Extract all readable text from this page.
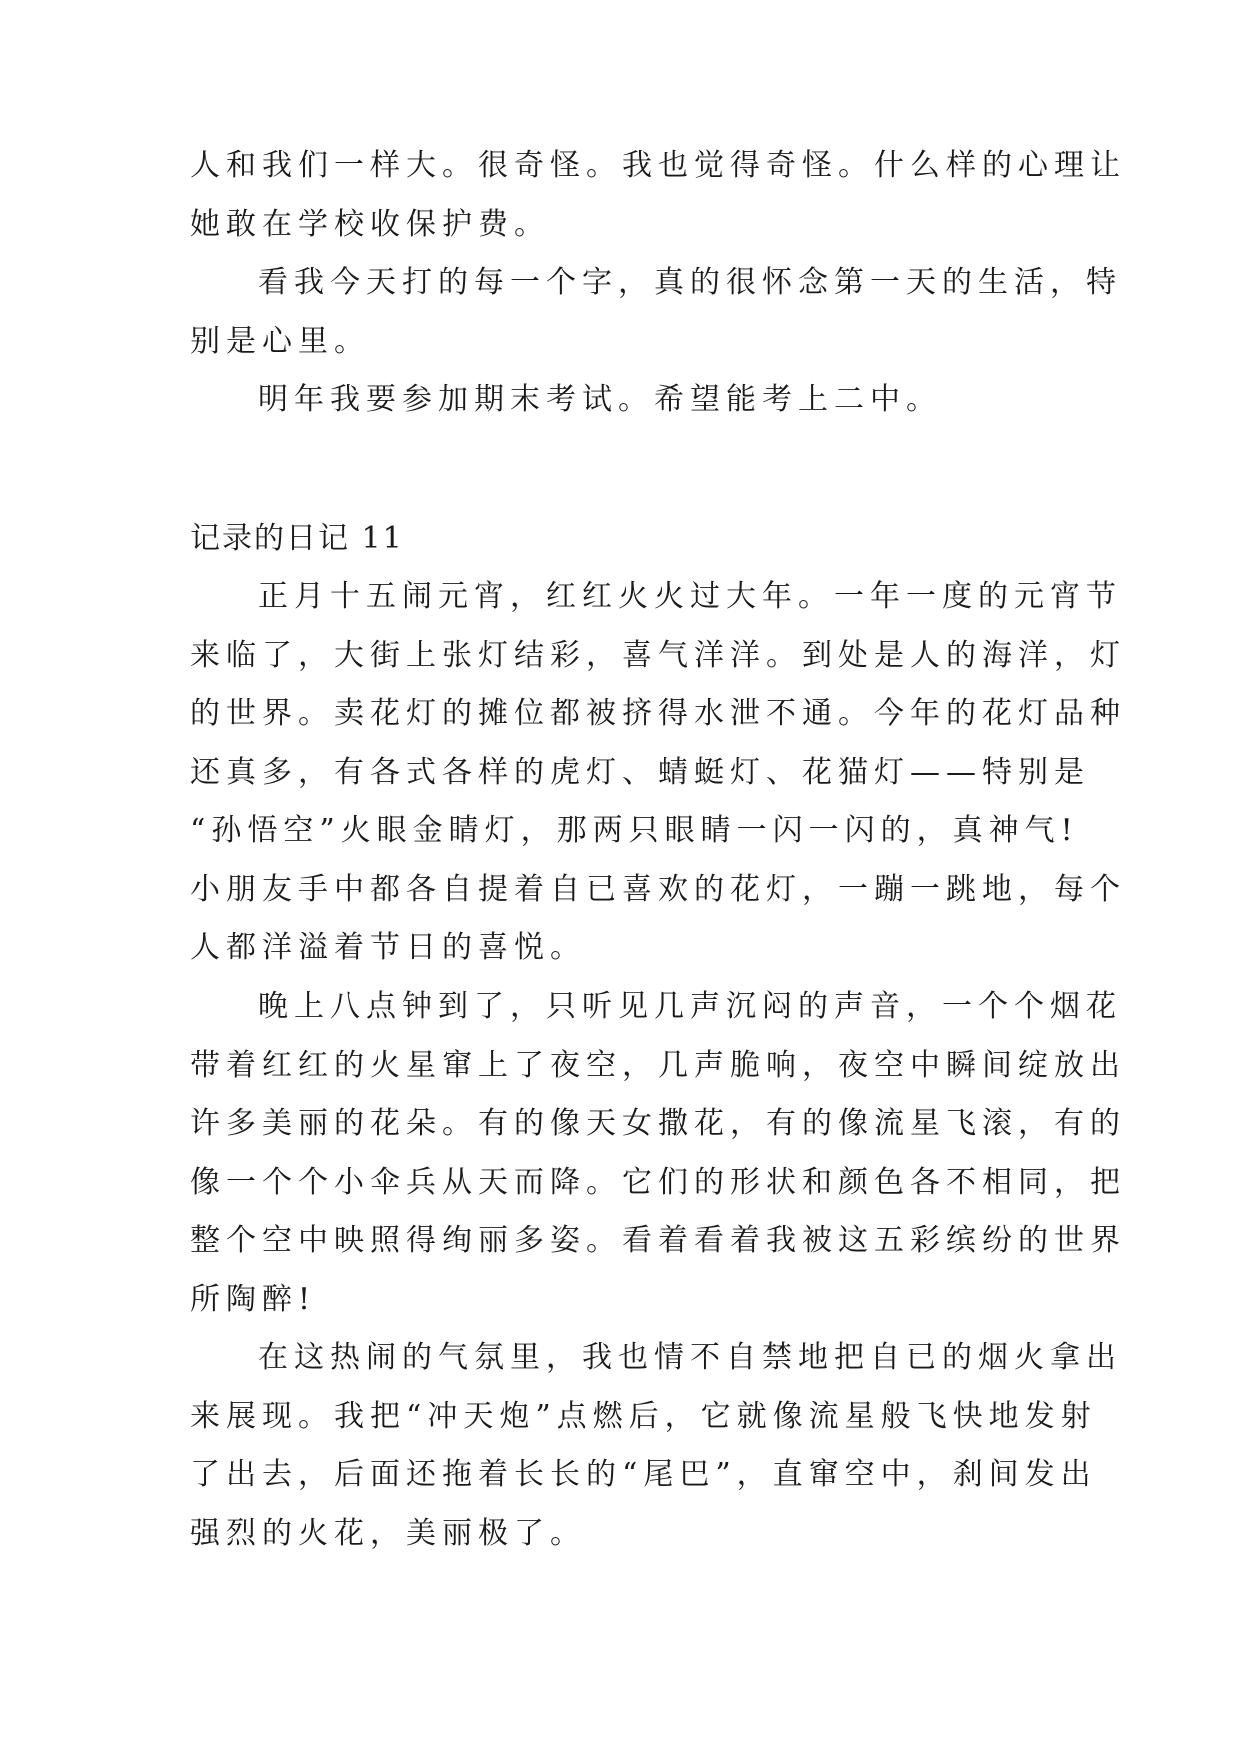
人和我们一样大。很奇怪。我也觉得奇怪。什么样的心理让
她敢在学校收保护费。
看我今天打的每一个字，真的很怀念第一天的生活，特
别是心里。
明年我要参加期末考试。希望能考上二中。
记录的日记 11
正月十五闹元宵，红红火火过大年。一年一度的元宵节
来临了，大街上张灯结彩，喜气洋洋。到处是人的海洋，灯
的世界。卖花灯的摊位都被挤得水泄不通。今年的花灯品种
还真多，有各式各样的虎灯、蜻蜓灯、花猫灯——特别是
“孙悟空”火眼金睛灯，那两只眼睛一闪一闪的，真神气!
小朋友手中都各自提着自已喜欢的花灯，一蹦一跳地，每个
人都洋溢着节日的喜悦。
晚上八点钟到了，只听见几声沉闷的声音，一个个烟花
带着红红的火星窜上了夜空，几声脆响，夜空中瞬间绽放出
许多美丽的花朵。有的像天女撒花，有的像流星飞滚，有的
像一个个小伞兵从天而降。它们的形状和颜色各不相同，把
整个空中映照得绚丽多姿。看着看着我被这五彩缤纷的世界
所陶醉!
在这热闹的气氛里，我也情不自禁地把自已的烟火拿出
来展现。我把“冲天炮”点燃后，它就像流星般飞快地发射
了出去，后面还拖着长长的“尾巴”，直窜空中，刹间发出
强烈的火花，美丽极了。
